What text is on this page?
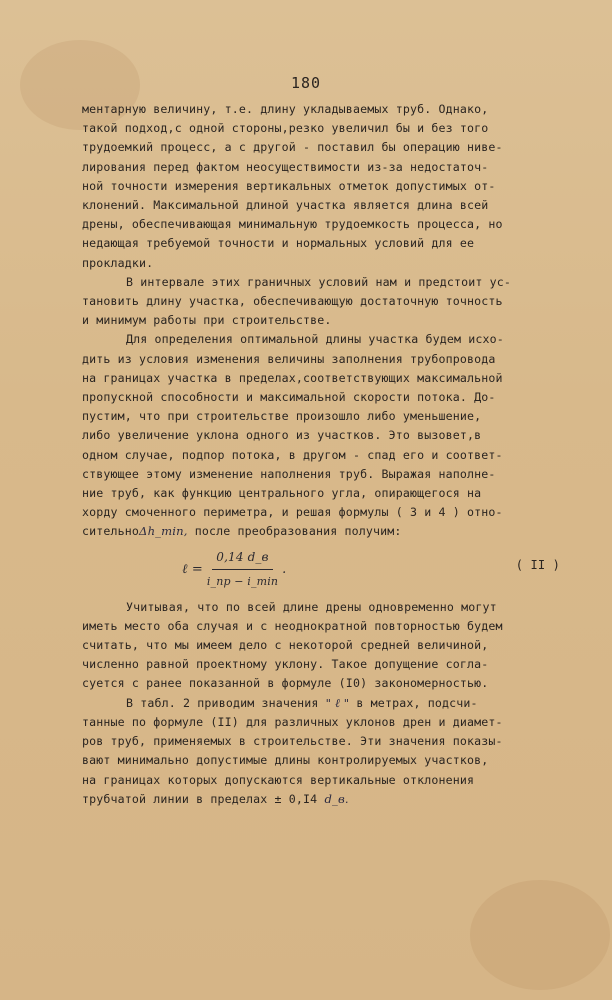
180

ментарную величину, т.е. длину укладываемых труб. Однако,
такой подход,с одной стороны,резко увеличил бы и без того
трудоемкий процесс, а с другой - поставил бы операцию нивe-
лирования перед фактом неосуществимости из-за недостаточ-
ной точности измерения вертикальных отметок допустимых от-
клонений. Максимальной длиной участка является длина всей
дрены, обеспечивающая минимальную трудоемкость процесса, но
недающая требуемой точности и нормальных условий для ее
прокладки.

В интервале этих граничных условий нам и предстоит ус-
тановить длину участка, обеспечивающую достаточную точность
и минимум работы при строительстве.

Для определения оптимальной длины участка будем исхо-
дить из условия изменения величины заполнения трубопровода
на границах участка в пределах,соответствующих максимальной
пропускной способности и максимальной скорости потока. До-
пустим, что при строительстве произошло либо уменьшение,
либо увеличение уклона одного из участков. Это вызовет,в
одном случае, подпор потока, в другом - спад его и соответ-
ствующее этому изменение наполнения труб. Выражая наполне-
ние труб, как функцию центрального угла, опирающегося на
хорду смоченного периметра, и решая формулы ( 3 и 4 ) отно-
сительноΔh_min, после преобразования получим:

ℓ = $\frac{0,14 d\_в}{i\_пр - i\_\min}$ .	( II )

Учитывая, что по всей длине дрены одновременно могут
иметь место оба случая и с неоднократной повторностью будем
считать, что мы имеем дело с некоторой средней величиной,
численно равной проектному уклону. Такое допущение согла-
суется с ранее показанной в формуле (I0) закономерностью.

В табл. 2 приводим значения " ℓ " в метрах, подсчи-
танные по формуле (II) для различных уклонов дрен и диамет-
ров труб, применяемых в строительстве. Эти значения показы-
вают минимально допустимые длины контролируемых участков,
на границах которых допускаются вертикальные отклонения
трубчатой линии в пределах ± 0,I4 d_в.
